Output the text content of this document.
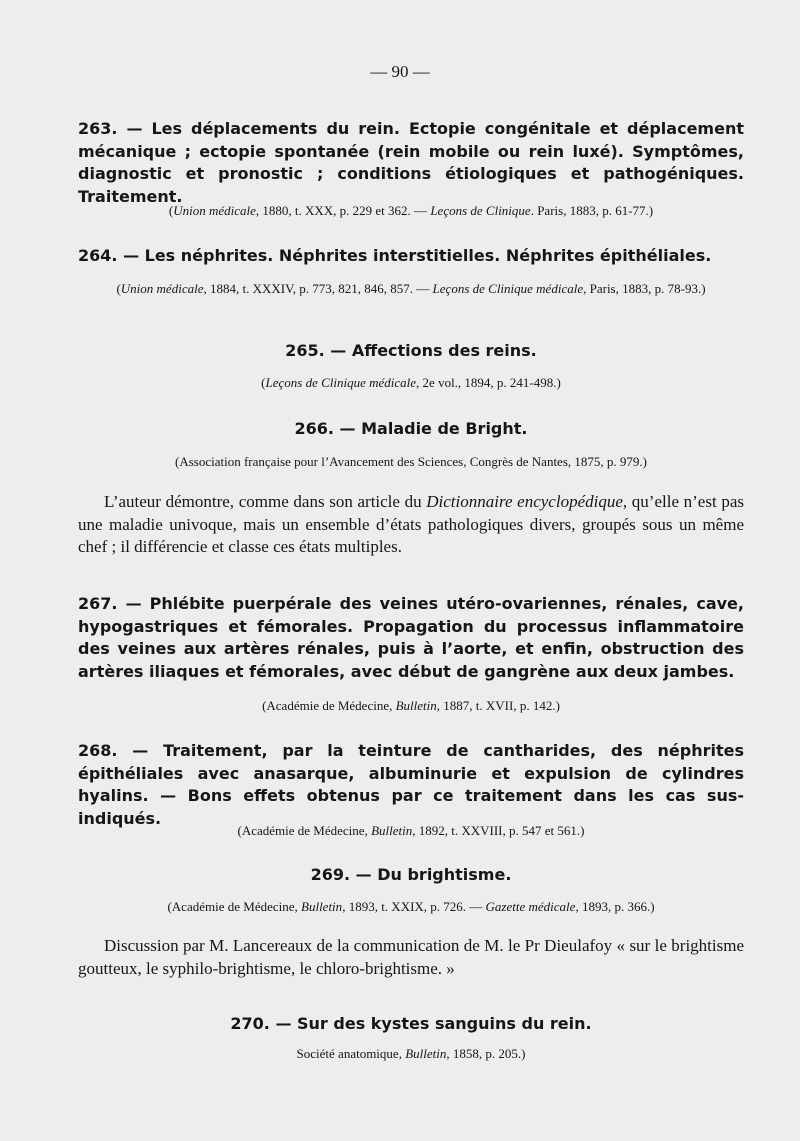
— 90 —
263. — Les déplacements du rein. Ectopie congénitale et déplacement mécanique ; ectopie spontanée (rein mobile ou rein luxé). Symptômes, diagnostic et pronostic ; conditions étiologiques et pathogéniques. Traitement.
(Union médicale, 1880, t. XXX, p. 229 et 362. — Leçons de Clinique. Paris, 1883, p. 61-77.)
264. — Les néphrites. Néphrites interstitielles. Néphrites épithéliales.
(Union médicale, 1884, t. XXXIV, p. 773, 821, 846, 857. — Leçons de Clinique médicale, Paris, 1883, p. 78-93.)
265. — Affections des reins.
(Leçons de Clinique médicale, 2e vol., 1894, p. 241-498.)
266. — Maladie de Bright.
(Association française pour l’Avancement des Sciences, Congrès de Nantes, 1875, p. 979.)
L’auteur démontre, comme dans son article du Dictionnaire encyclopédique, qu’elle n’est pas une maladie univoque, mais un ensemble d’états pathologiques divers, groupés sous un même chef ; il différencie et classe ces états multiples.
267. — Phlébite puerpérale des veines utéro-ovariennes, rénales, cave, hypogastriques et fémorales. Propagation du processus inflammatoire des veines aux artères rénales, puis à l’aorte, et enfin, obstruction des artères iliaques et fémorales, avec début de gangrène aux deux jambes.
(Académie de Médecine, Bulletin, 1887, t. XVII, p. 142.)
268. — Traitement, par la teinture de cantharides, des néphrites épithéliales avec anasarque, albuminurie et expulsion de cylindres hyalins. — Bons effets obtenus par ce traitement dans les cas sus-indiqués.
(Académie de Médecine, Bulletin, 1892, t. XXVIII, p. 547 et 561.)
269. — Du brightisme.
(Académie de Médecine, Bulletin, 1893, t. XXIX, p. 726. — Gazette médicale, 1893, p. 366.)
Discussion par M. Lancereaux de la communication de M. le Pr Dieulafoy « sur le brightisme goutteux, le syphilo-brightisme, le chloro-brightisme. »
270. — Sur des kystes sanguins du rein.
Société anatomique, Bulletin, 1858, p. 205.)
